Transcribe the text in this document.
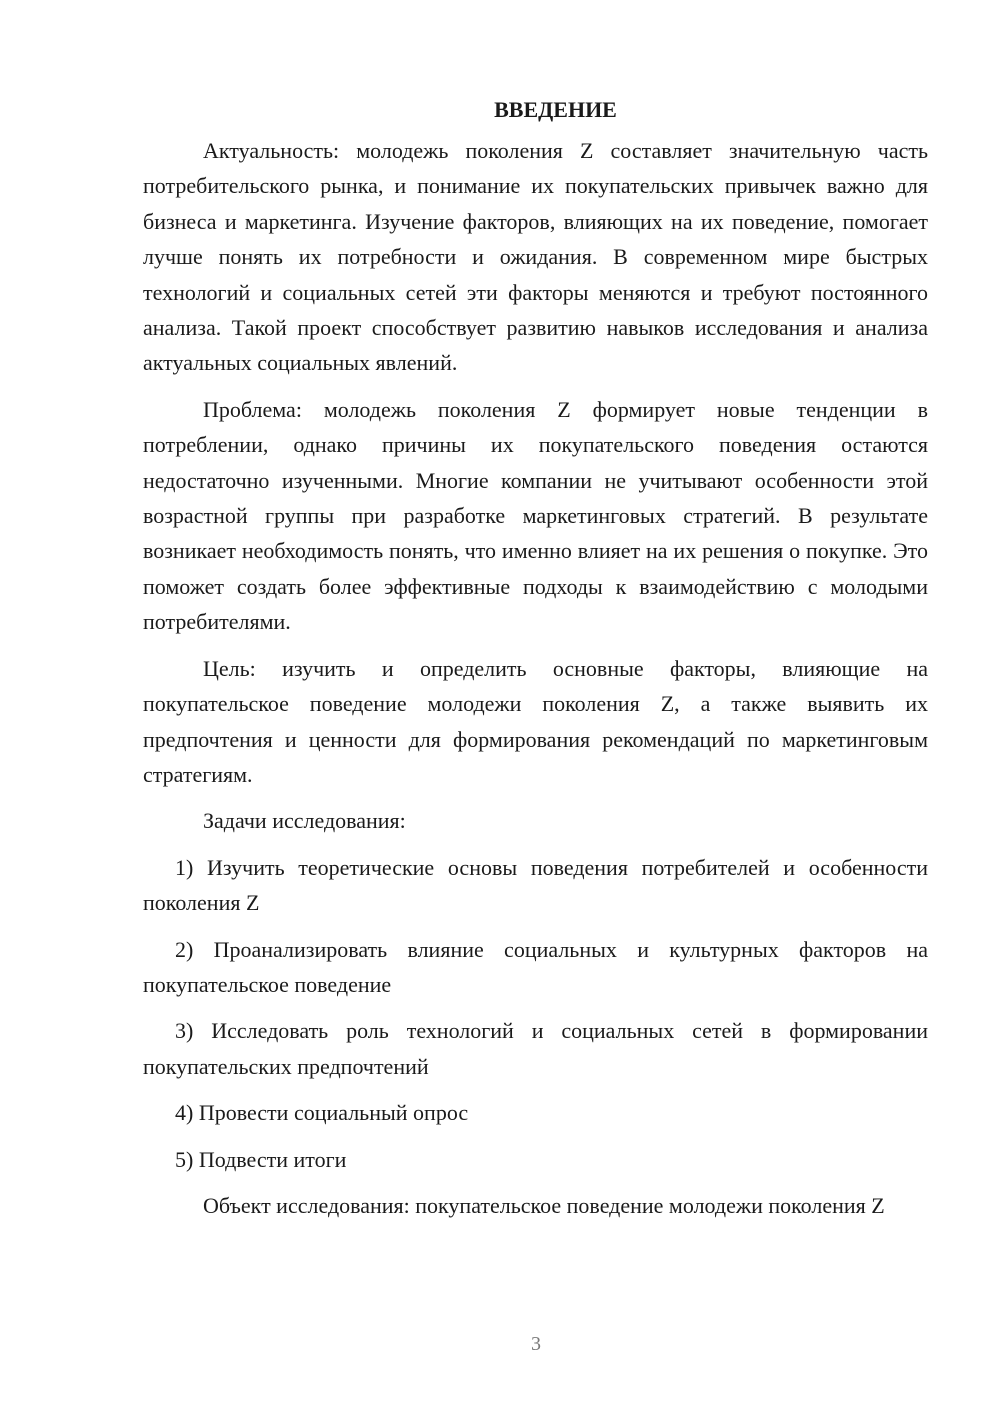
ВВЕДЕНИЕ

Актуальность: молодежь поколения Z составляет значительную часть потребительского рынка, и понимание их покупательских привычек важно для бизнеса и маркетинга. Изучение факторов, влияющих на их поведение, помогает лучше понять их потребности и ожидания. В современном мире быстрых технологий и социальных сетей эти факторы меняются и требуют постоянного анализа. Такой проект способствует развитию навыков исследования и анализа актуальных социальных явлений.

Проблема: молодежь поколения Z формирует новые тенденции в потреблении, однако причины их покупательского поведения остаются недостаточно изученными. Многие компании не учитывают особенности этой возрастной группы при разработке маркетинговых стратегий. В результате возникает необходимость понять, что именно влияет на их решения о покупке. Это поможет создать более эффективные подходы к взаимодействию с молодыми потребителями.

Цель: изучить и определить основные факторы, влияющие на покупательское поведение молодежи поколения Z, а также выявить их предпочтения и ценности для формирования рекомендаций по маркетинговым стратегиям.

Задачи исследования:

1) Изучить теоретические основы поведения потребителей и особенности поколения Z

2) Проанализировать влияние социальных и культурных факторов на покупательское поведение

3) Исследовать роль технологий и социальных сетей в формировании покупательских предпочтений

4) Провести социальный опрос

5) Подвести итоги

Объект исследования: покупательское поведение молодежи поколения Z

3
